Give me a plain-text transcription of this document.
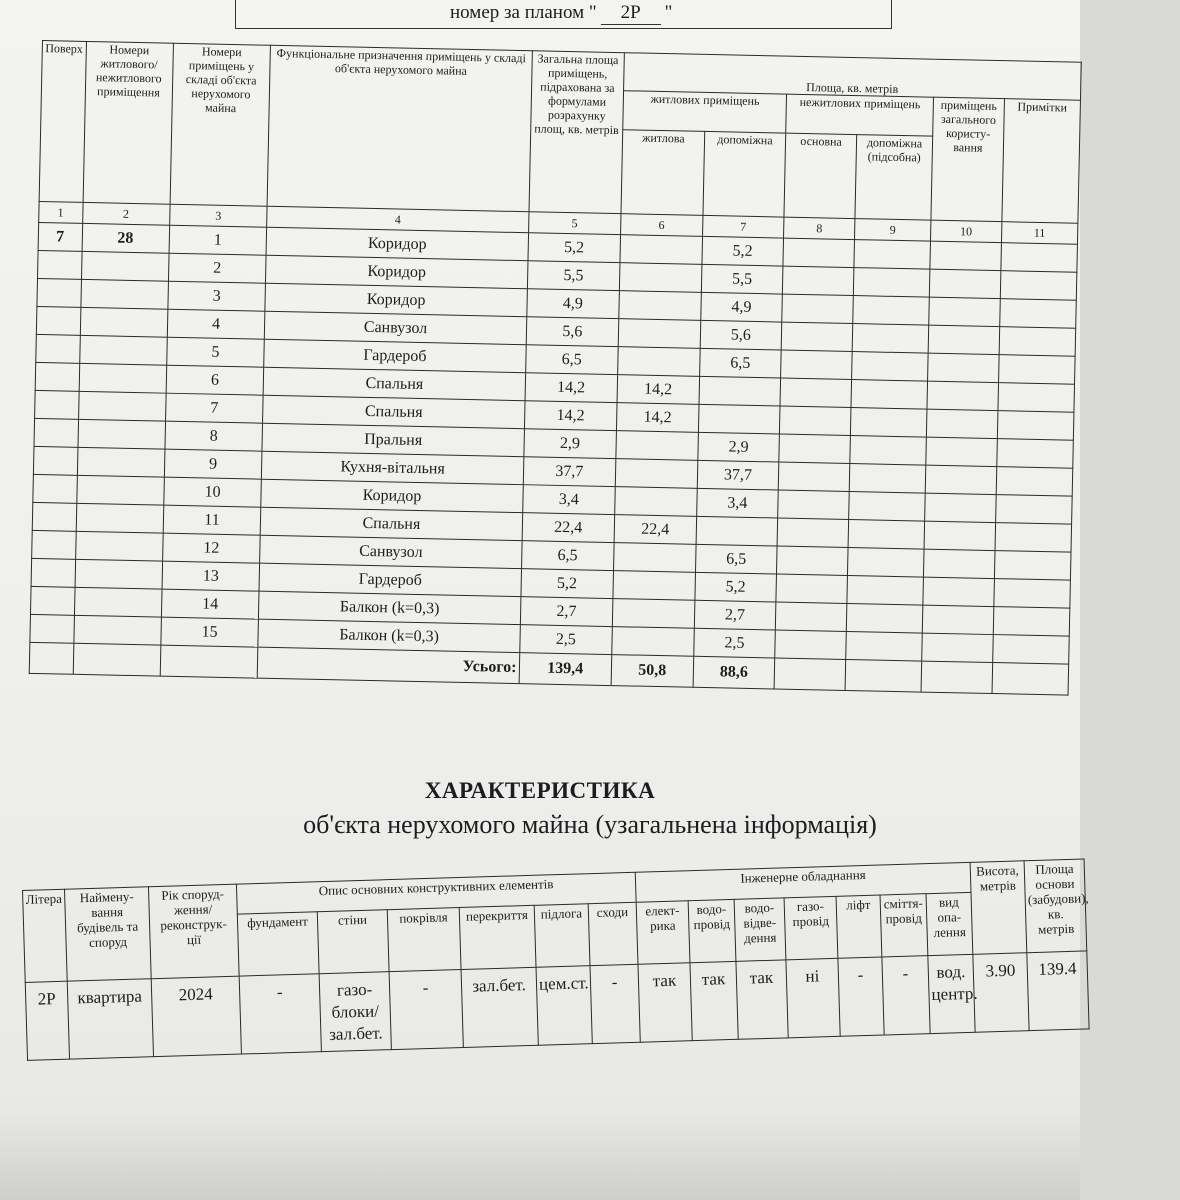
номер за планом " 2Р "
Поверх	Номери житлового/ нежитлового приміщення	Номери приміщень у складі об'єкта нерухомого майна	Функціональне призначення приміщень у складі об'єкта нерухомого майна	Загальна площа приміщень, підрахована за формулами розрахунку площ, кв. метрів	Площа, кв. метрів					
					житлових приміщень		нежитлових приміщень		приміщень загального користу- вання	Примітки
					житлова	допоміжна	основна	допоміжна (підсобна)		
1	2	3	4	5	6	7	8	9	10	11
7	28	1	Коридор	5,2		5,2				
		2	Коридор	5,5		5,5				
		3	Коридор	4,9		4,9				
		4	Санвузол	5,6		5,6				
		5	Гардероб	6,5		6,5				
		6	Спальня	14,2	14,2					
		7	Спальня	14,2	14,2					
		8	Пральня	2,9		2,9				
		9	Кухня-вітальня	37,7		37,7				
		10	Коридор	3,4		3,4				
		11	Спальня	22,4	22,4					
		12	Санвузол	6,5		6,5				
		13	Гардероб	5,2		5,2				
		14	Балкон (k=0,3)	2,7		2,7				
		15	Балкон (k=0,3)	2,5		2,5				
			Усього:	139,4	50,8	88,6				
ХАРАКТЕРИСТИКА
об'єкта нерухомого майна (узагальнена інформація)
Літера	Наймену- вання будівель та споруд	Рік споруд- ження/ реконструк- ції	Опис основних конструктивних елементів						Інженерне обладнання							Висота, метрів	Площа основи (забудови), кв. метрів
			фундамент	стіни	покрівля	перекриття	підлога	сходи	елект- рика	водо- провід	водо- відве- дення	газо- провід	ліфт	сміття- провід	вид опа- лення		
2Р	квартира	2024	-	газо- блоки/ зал.бет.	-	зал.бет.	цем.ст.	-	так	так	так	ні	-	-	вод. центр.	3.90	139.4
